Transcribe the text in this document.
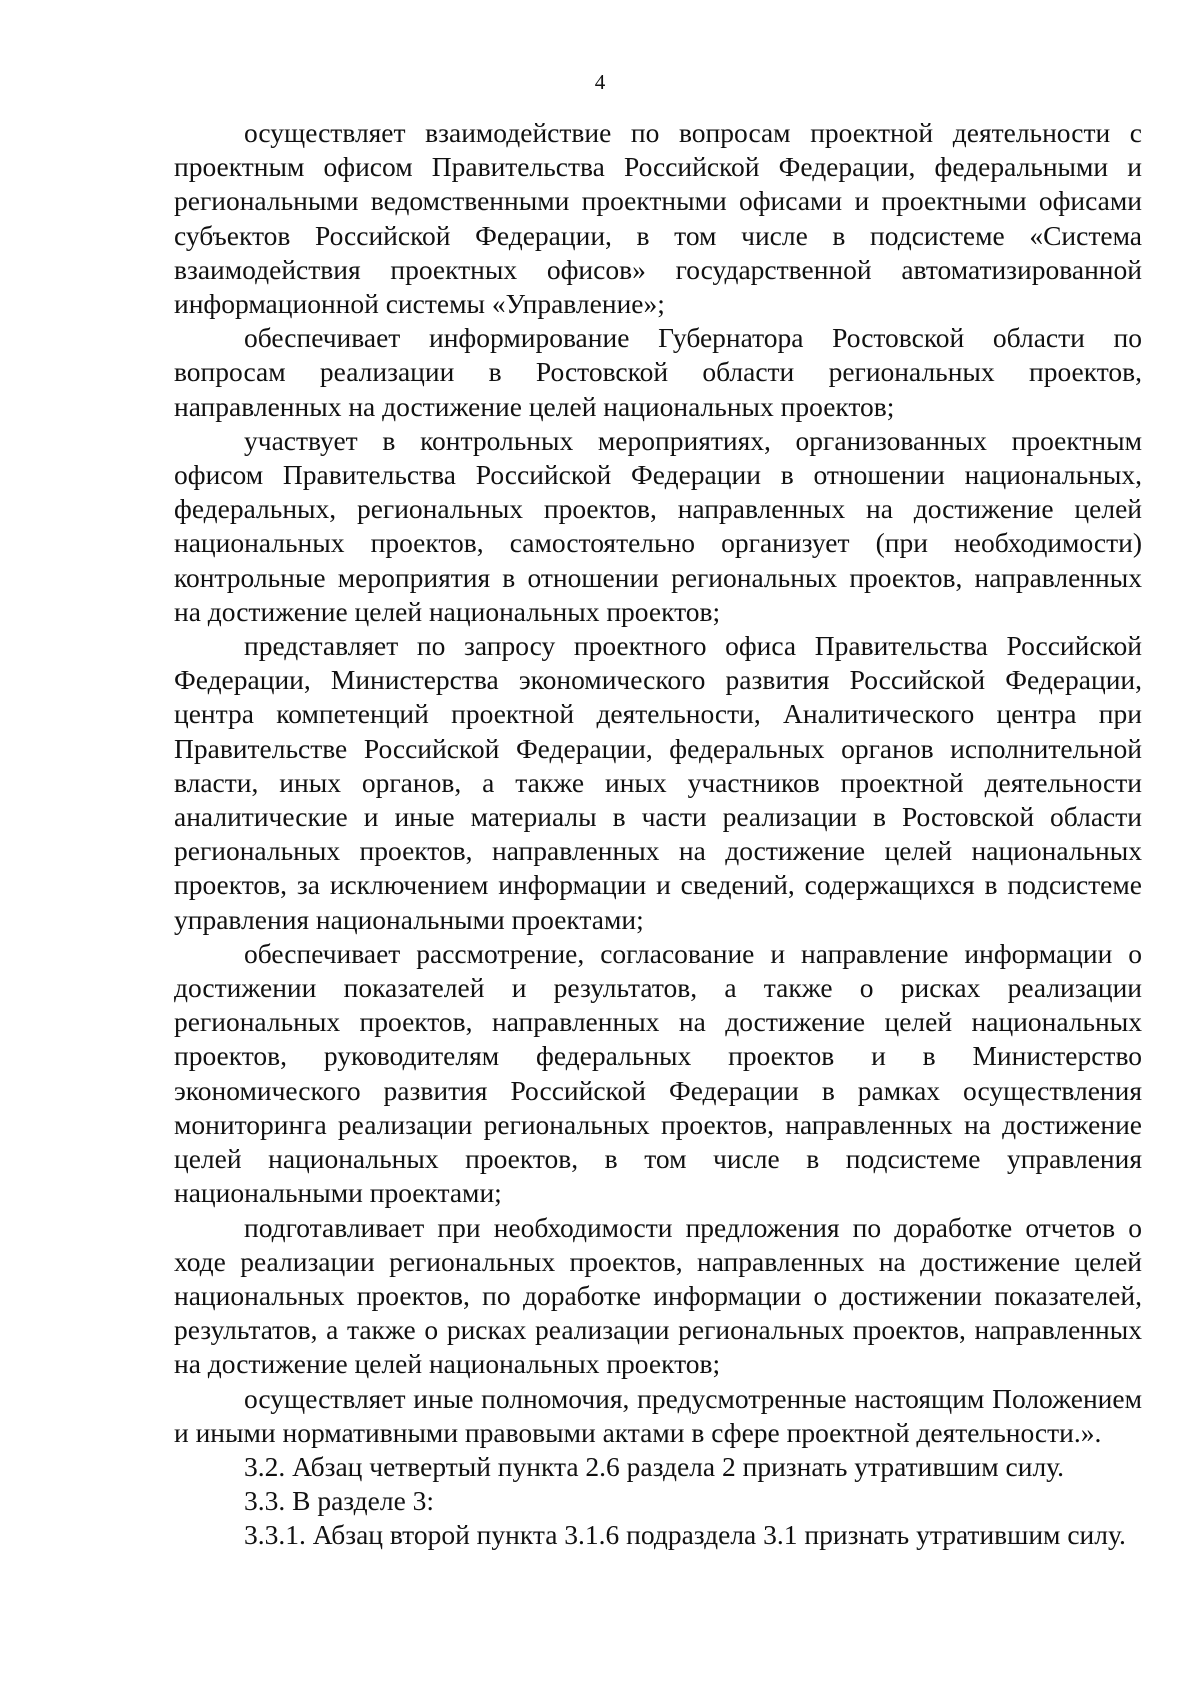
4

осуществляет взаимодействие по вопросам проектной деятельности с проектным офисом Правительства Российской Федерации, федеральными и региональными ведомственными проектными офисами и проектными офисами субъектов Российской Федерации, в том числе в подсистеме «Система взаимодействия проектных офисов» государственной автоматизированной информационной системы «Управление»;

обеспечивает информирование Губернатора Ростовской области по вопросам реализации в Ростовской области региональных проектов, направленных на достижение целей национальных проектов;

участвует в контрольных мероприятиях, организованных проектным офисом Правительства Российской Федерации в отношении национальных, федеральных, региональных проектов, направленных на достижение целей национальных проектов, самостоятельно организует (при необходимости) контрольные мероприятия в отношении региональных проектов, направленных на достижение целей национальных проектов;

представляет по запросу проектного офиса Правительства Российской Федерации, Министерства экономического развития Российской Федерации, центра компетенций проектной деятельности, Аналитического центра при Правительстве Российской Федерации, федеральных органов исполнительной власти, иных органов, а также иных участников проектной деятельности аналитические и иные материалы в части реализации в Ростовской области региональных проектов, направленных на достижение целей национальных проектов, за исключением информации и сведений, содержащихся в подсистеме управления национальными проектами;

обеспечивает рассмотрение, согласование и направление информации о достижении показателей и результатов, а также о рисках реализации региональных проектов, направленных на достижение целей национальных проектов, руководителям федеральных проектов и в Министерство экономического развития Российской Федерации в рамках осуществления мониторинга реализации региональных проектов, направленных на достижение целей национальных проектов, в том числе в подсистеме управления национальными проектами;

подготавливает при необходимости предложения по доработке отчетов о ходе реализации региональных проектов, направленных на достижение целей национальных проектов, по доработке информации о достижении показателей, результатов, а также о рисках реализации региональных проектов, направленных на достижение целей национальных проектов;

осуществляет иные полномочия, предусмотренные настоящим Положением и иными нормативными правовыми актами в сфере проектной деятельности.».

3.2. Абзац четвертый пункта 2.6 раздела 2 признать утратившим силу.

3.3. В разделе 3:

3.3.1. Абзац второй пункта 3.1.6 подраздела 3.1 признать утратившим силу.
